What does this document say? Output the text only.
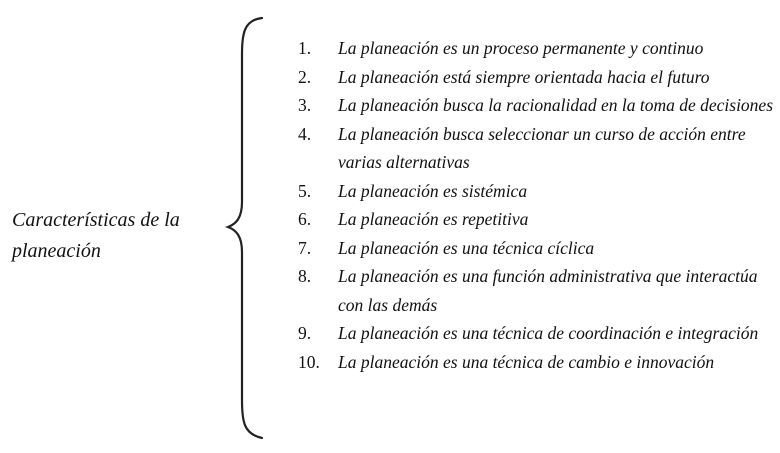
Características de la planeación
1.	La planeación es un proceso permanente y continuo
2.	La planeación está siempre orientada hacia el futuro
3.	La planeación busca la racionalidad en la toma de decisiones
4.	La planeación busca seleccionar un curso de acción entre varias alternativas
5.	La planeación es sistémica
6.	La planeación es repetitiva
7.	La planeación es una técnica cíclica
8.	La planeación es una función administrativa que interactúa con las demás
9.	La planeación es una técnica de coordinación e integración
10.	La planeación es una técnica de cambio e innovación
